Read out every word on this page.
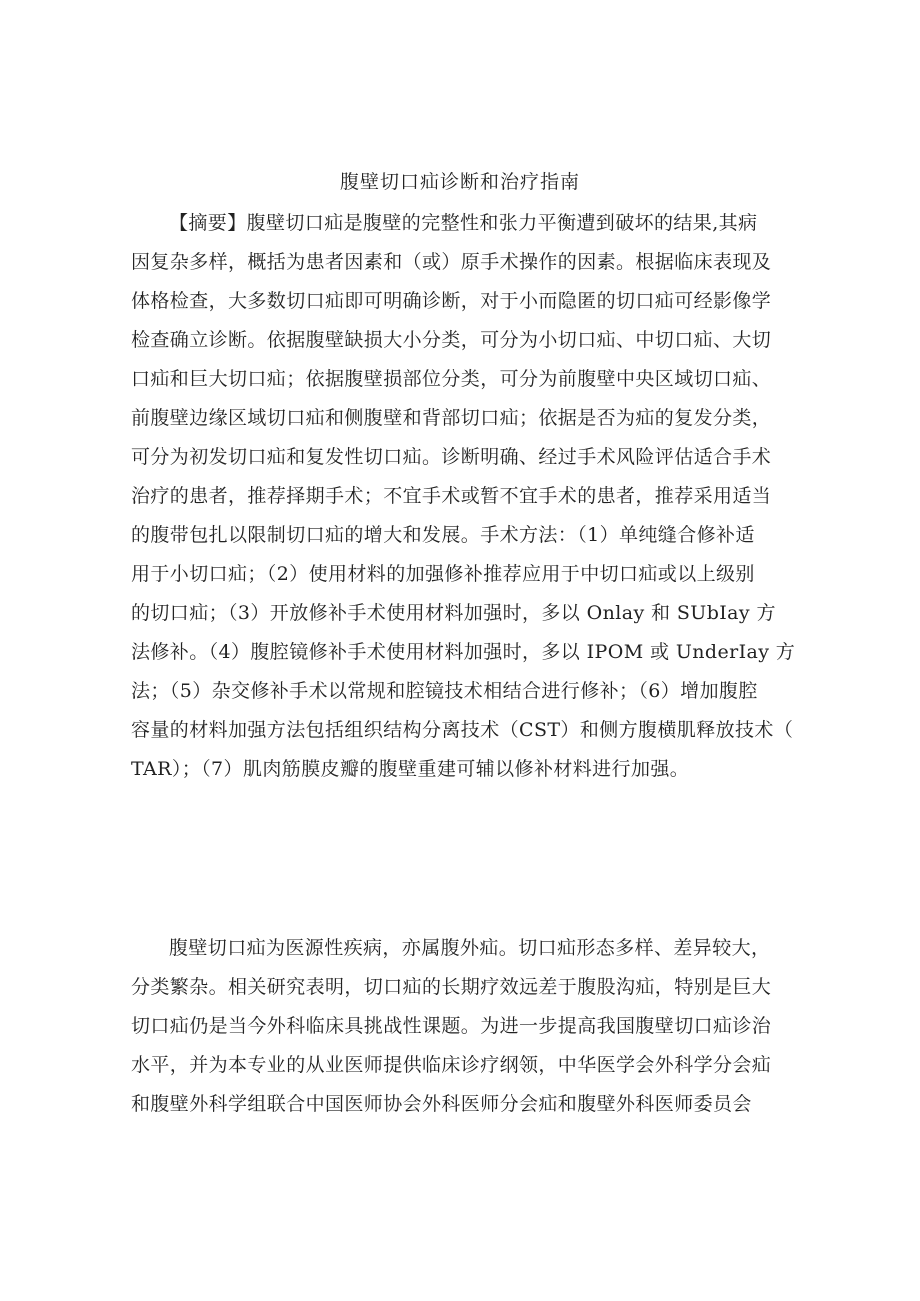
腹壁切口疝诊断和治疗指南
【摘要】腹壁切口疝是腹壁的完整性和张力平衡遭到破坏的结果,其病
因复杂多样，概括为患者因素和（或）原手术操作的因素。根据临床表现及
体格检查，大多数切口疝即可明确诊断，对于小而隐匿的切口疝可经影像学
检查确立诊断。依据腹壁缺损大小分类，可分为小切口疝、中切口疝、大切
口疝和巨大切口疝；依据腹壁损部位分类，可分为前腹壁中央区域切口疝、
前腹壁边缘区域切口疝和侧腹壁和背部切口疝；依据是否为疝的复发分类，
可分为初发切口疝和复发性切口疝。诊断明确、经过手术风险评估适合手术
治疗的患者，推荐择期手术；不宜手术或暂不宜手术的患者，推荐采用适当
的腹带包扎以限制切口疝的增大和发展。手术方法：（1）单纯缝合修补适
用于小切口疝；（2）使用材料的加强修补推荐应用于中切口疝或以上级别
的切口疝；（3）开放修补手术使用材料加强时，多以 Onlay 和 SUbIay 方
法修补。（4）腹腔镜修补手术使用材料加强时，多以 IPOM 或 UnderIay 方
法；（5）杂交修补手术以常规和腔镜技术相结合进行修补；（6）增加腹腔
容量的材料加强方法包括组织结构分离技术（CST）和侧方腹横肌释放技术（
TAR）；（7）肌肉筋膜皮瓣的腹壁重建可辅以修补材料进行加强。
腹壁切口疝为医源性疾病，亦属腹外疝。切口疝形态多样、差异较大，
分类繁杂。相关研究表明，切口疝的长期疗效远差于腹股沟疝，特别是巨大
切口疝仍是当今外科临床具挑战性课题。为进一步提高我国腹壁切口疝诊治
水平，并为本专业的从业医师提供临床诊疗纲领，中华医学会外科学分会疝
和腹壁外科学组联合中国医师协会外科医师分会疝和腹壁外科医师委员会
